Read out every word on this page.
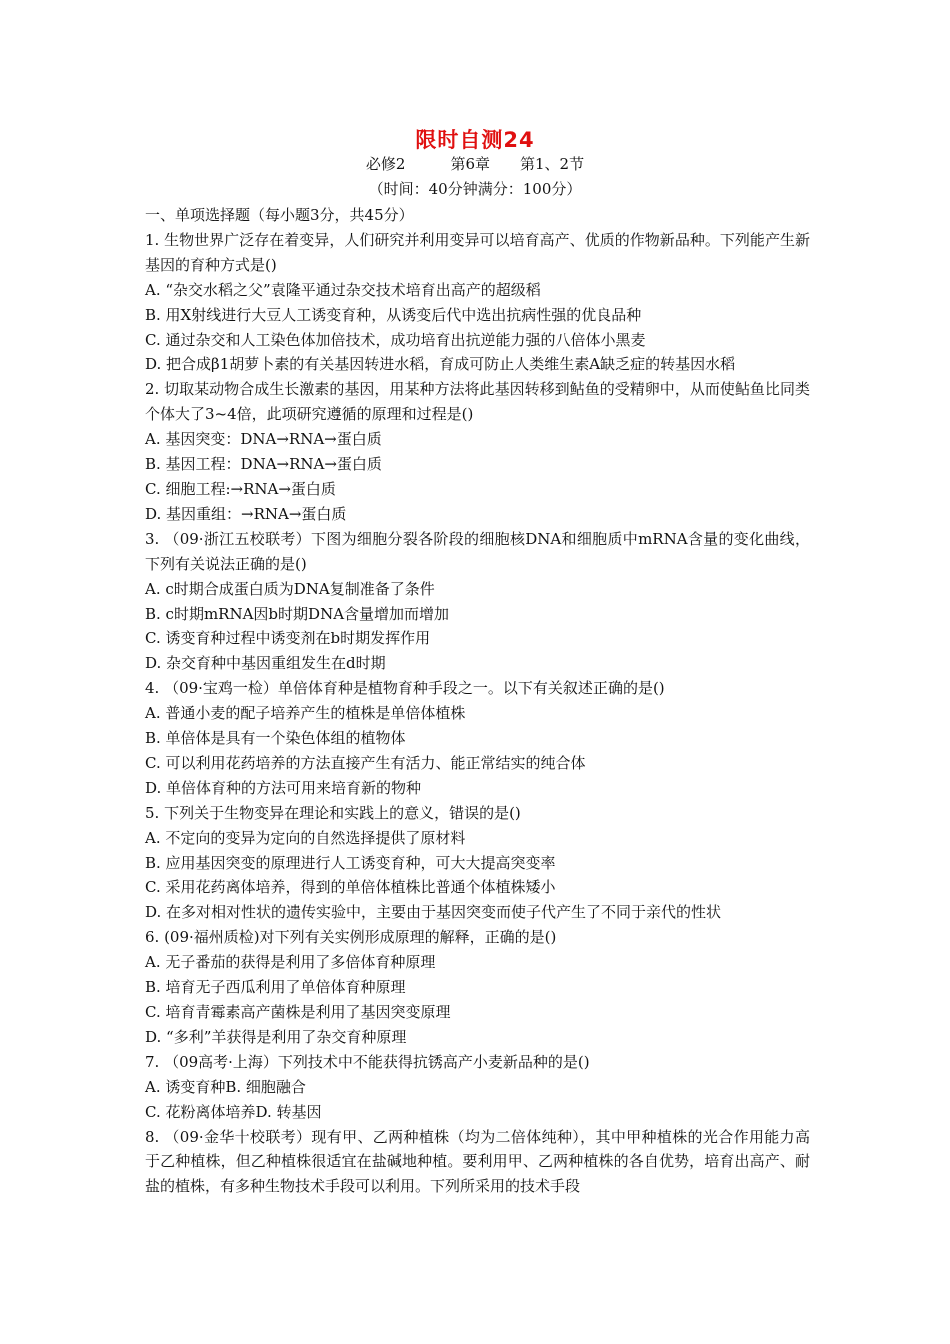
限时自测24
必修2　　　第6章　　第1、2节
（时间：40分钟满分：100分）

一、单项选择题（每小题3分，共45分）

1. 生物世界广泛存在着变异，人们研究并利用变异可以培育高产、优质的作物新品种。下列能产生新基因的育种方式是()

A. “杂交水稻之父”袁隆平通过杂交技术培育出高产的超级稻

B. 用X射线进行大豆人工诱变育种，从诱变后代中选出抗病性强的优良品种

C. 通过杂交和人工染色体加倍技术，成功培育出抗逆能力强的八倍体小黑麦

D. 把合成β1胡萝卜素的有关基因转进水稻，育成可防止人类维生素A缺乏症的转基因水稻

2. 切取某动物合成生长激素的基因，用某种方法将此基因转移到鲇鱼的受精卵中，从而使鲇鱼比同类个体大了3~4倍，此项研究遵循的原理和过程是()

A. 基因突变：DNA→RNA→蛋白质

B. 基因工程：DNA→RNA→蛋白质

C. 细胞工程:→RNA→蛋白质

D. 基因重组：→RNA→蛋白质

3. （09·浙江五校联考）下图为细胞分裂各阶段的细胞核DNA和细胞质中mRNA含量的变化曲线，下列有关说法正确的是()

A. c时期合成蛋白质为DNA复制准备了条件

B. c时期mRNA因b时期DNA含量增加而增加

C. 诱变育种过程中诱变剂在b时期发挥作用

D. 杂交育种中基因重组发生在d时期

4. （09·宝鸡一检）单倍体育种是植物育种手段之一。以下有关叙述正确的是()

A. 普通小麦的配子培养产生的植株是单倍体植株

B. 单倍体是具有一个染色体组的植物体

C. 可以利用花药培养的方法直接产生有活力、能正常结实的纯合体

D. 单倍体育种的方法可用来培育新的物种

5. 下列关于生物变异在理论和实践上的意义，错误的是()

A. 不定向的变异为定向的自然选择提供了原材料

B. 应用基因突变的原理进行人工诱变育种，可大大提高突变率

C. 采用花药离体培养，得到的单倍体植株比普通个体植株矮小

D. 在多对相对性状的遗传实验中，主要由于基因突变而使子代产生了不同于亲代的性状

6. (09·福州质检)对下列有关实例形成原理的解释，正确的是()

A. 无子番茄的获得是利用了多倍体育种原理

B. 培育无子西瓜利用了单倍体育种原理

C. 培育青霉素高产菌株是利用了基因突变原理

D. “多利”羊获得是利用了杂交育种原理

7. （09高考·上海）下列技术中不能获得抗锈高产小麦新品种的是()

A. 诱变育种B. 细胞融合

C. 花粉离体培养D. 转基因

8. （09·金华十校联考）现有甲、乙两种植株（均为二倍体纯种），其中甲种植株的光合作用能力高于乙种植株，但乙种植株很适宜在盐碱地种植。要利用甲、乙两种植株的各自优势，培育出高产、耐盐的植株，有多种生物技术手段可以利用。下列所采用的技术手段
